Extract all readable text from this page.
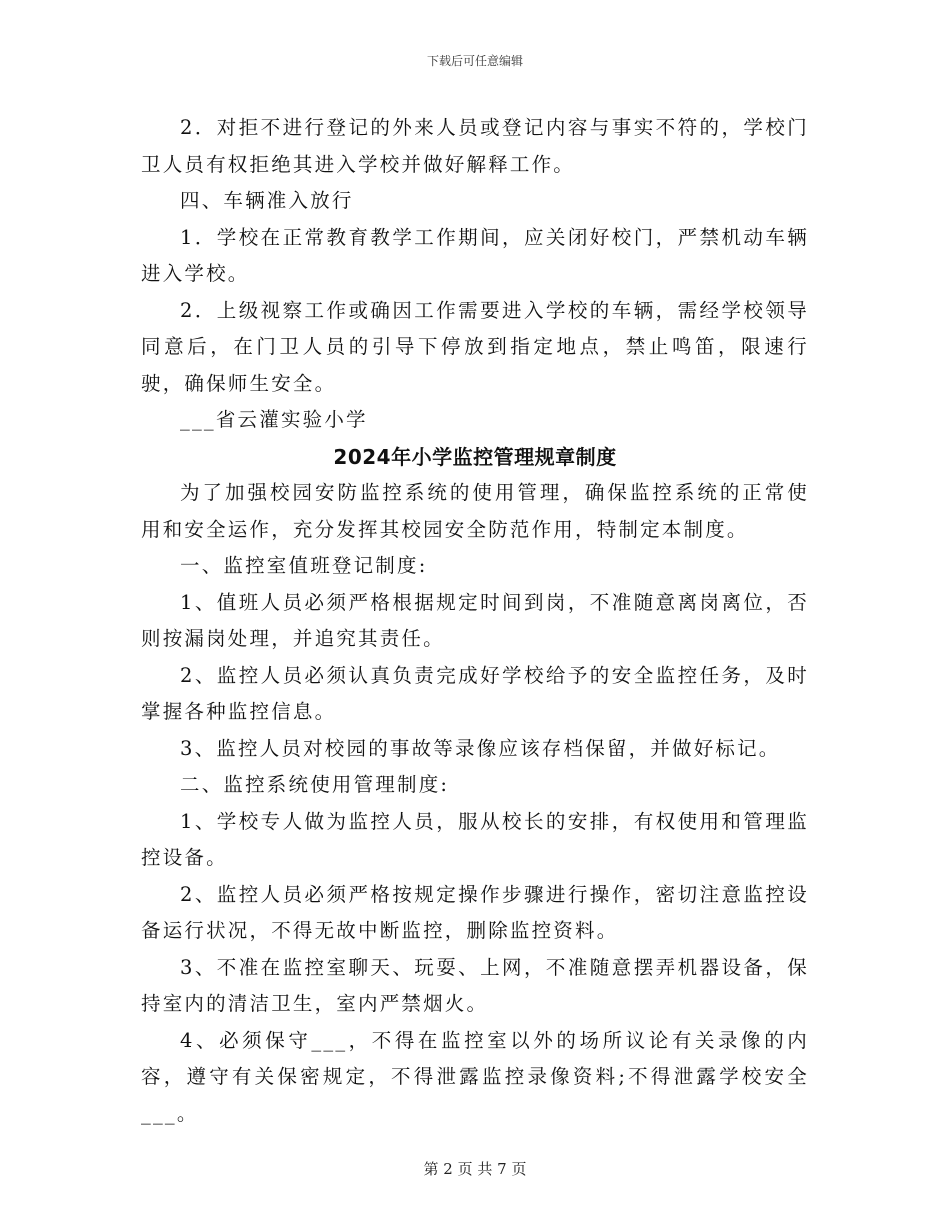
下载后可任意编辑

2．对拒不进行登记的外来人员或登记内容与事实不符的，学校门卫人员有权拒绝其进入学校并做好解释工作。

四、车辆准入放行

1．学校在正常教育教学工作期间，应关闭好校门，严禁机动车辆进入学校。

2．上级视察工作或确因工作需要进入学校的车辆，需经学校领导同意后，在门卫人员的引导下停放到指定地点，禁止鸣笛，限速行驶，确保师生安全。

___省云灌实验小学

2024年小学监控管理规章制度

为了加强校园安防监控系统的使用管理，确保监控系统的正常使用和安全运作，充分发挥其校园安全防范作用，特制定本制度。

一、监控室值班登记制度:

1、值班人员必须严格根据规定时间到岗，不准随意离岗离位，否则按漏岗处理，并追究其责任。

2、监控人员必须认真负责完成好学校给予的安全监控任务，及时掌握各种监控信息。

3、监控人员对校园的事故等录像应该存档保留，并做好标记。

二、监控系统使用管理制度:

1、学校专人做为监控人员，服从校长的安排，有权使用和管理监控设备。

2、监控人员必须严格按规定操作步骤进行操作，密切注意监控设备运行状况，不得无故中断监控，删除监控资料。

3、不准在监控室聊天、玩耍、上网，不准随意摆弄机器设备，保持室内的清洁卫生，室内严禁烟火。

4、必须保守___，不得在监控室以外的场所议论有关录像的内容，遵守有关保密规定，不得泄露监控录像资料;不得泄露学校安全___。

第 2 页 共 7 页
